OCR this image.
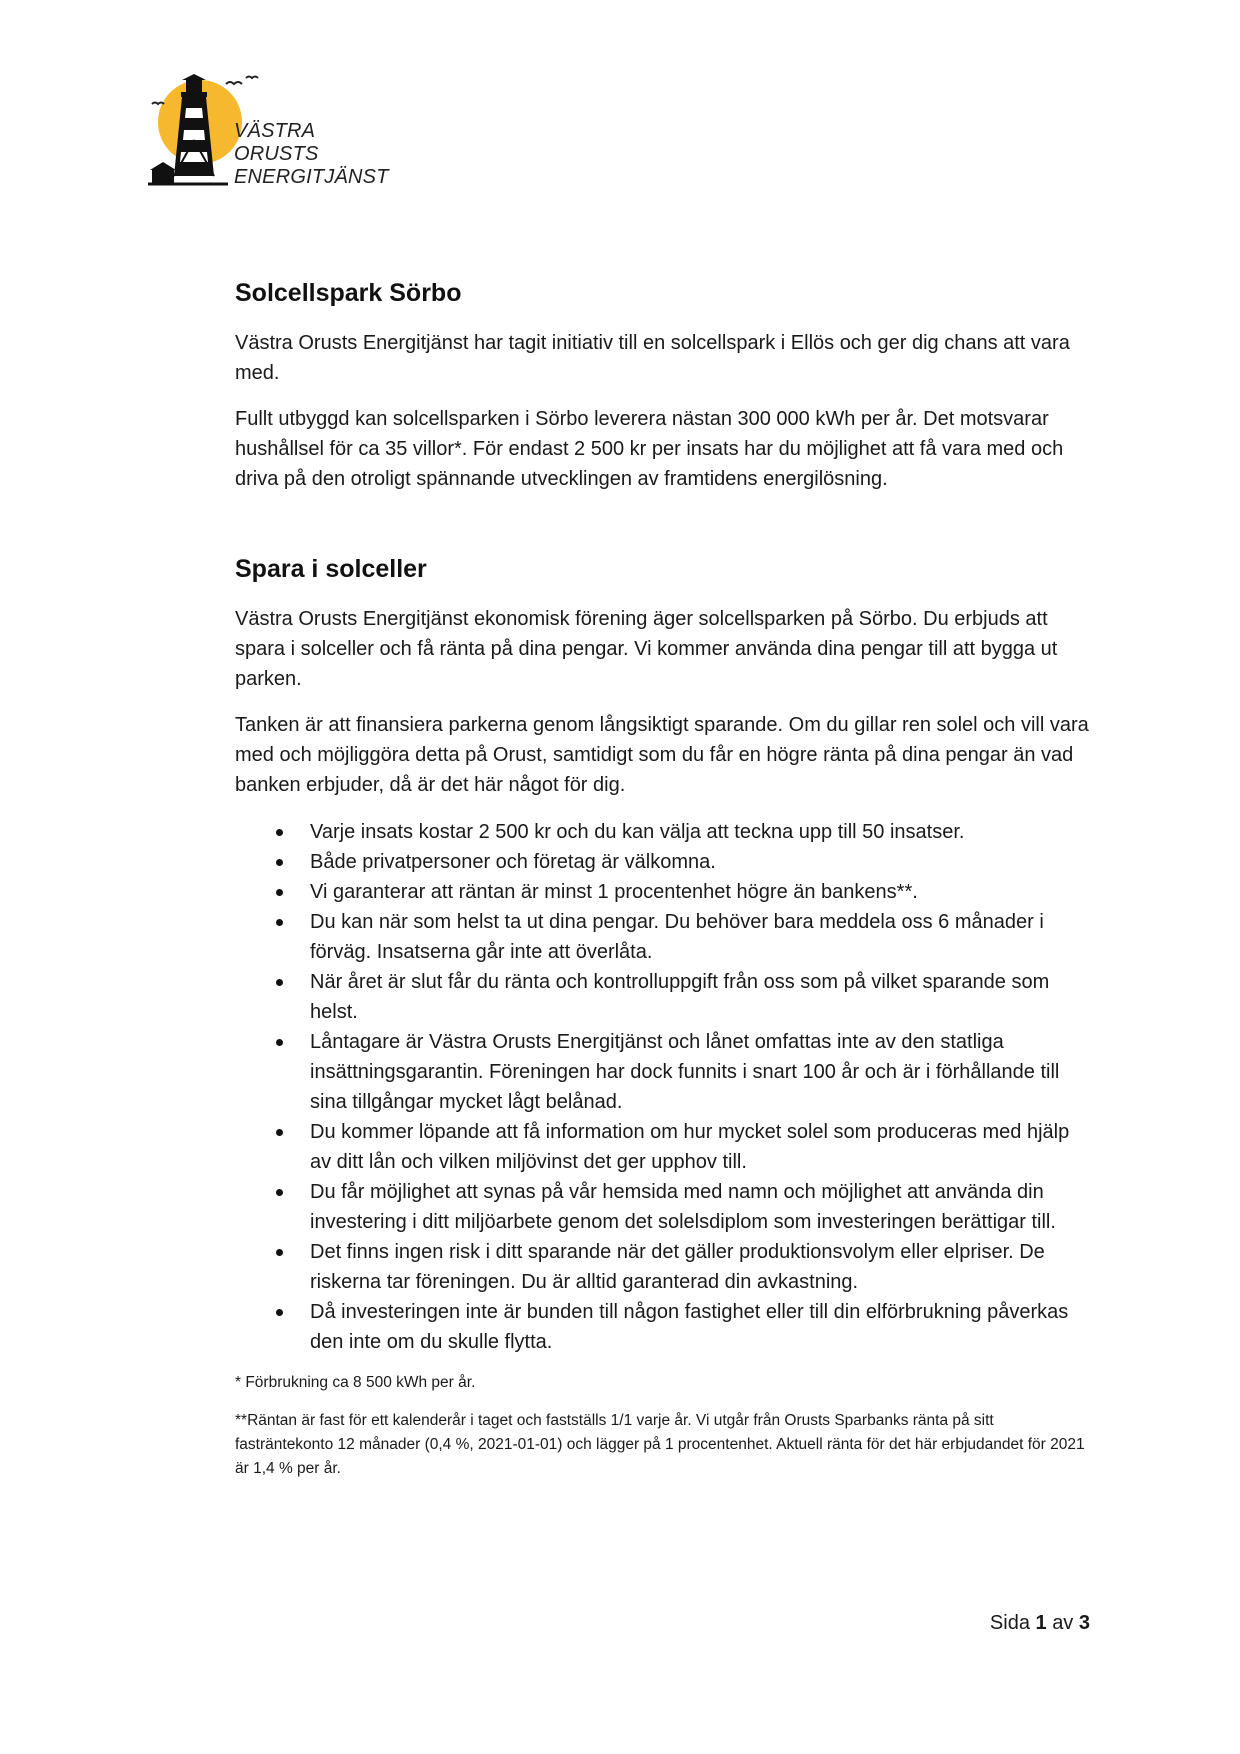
VÄSTRA ORUSTS
ENERGITJÄNST
Solcellspark Sörbo

Västra Orusts Energitjänst har tagit initiativ till en solcellspark i Ellös och ger dig chans att vara med.

Fullt utbyggd kan solcellsparken i Sörbo leverera nästan 300 000 kWh per år. Det motsvarar hushållsel för ca 35 villor*. För endast 2 500 kr per insats har du möjlighet att få vara med och driva på den otroligt spännande utvecklingen av framtidens energilösning.

Spara i solceller

Västra Orusts Energitjänst ekonomisk förening äger solcellsparken på Sörbo. Du erbjuds att spara i solceller och få ränta på dina pengar. Vi kommer använda dina pengar till att bygga ut parken.

Tanken är att finansiera parkerna genom långsiktigt sparande. Om du gillar ren solel och vill vara med och möjliggöra detta på Orust, samtidigt som du får en högre ränta på dina pengar än vad banken erbjuder, då är det här något för dig.

Varje insats kostar 2 500 kr och du kan välja att teckna upp till 50 insatser.
Både privatpersoner och företag är välkomna.
Vi garanterar att räntan är minst 1 procentenhet högre än bankens**.
Du kan när som helst ta ut dina pengar. Du behöver bara meddela oss 6 månader i förväg. Insatserna går inte att överlåta.
När året är slut får du ränta och kontrolluppgift från oss som på vilket sparande som helst.
Låntagare är Västra Orusts Energitjänst och lånet omfattas inte av den statliga insättningsgarantin. Föreningen har dock funnits i snart 100 år och är i förhållande till sina tillgångar mycket lågt belånad.
Du kommer löpande att få information om hur mycket solel som produceras med hjälp av ditt lån och vilken miljövinst det ger upphov till.
Du får möjlighet att synas på vår hemsida med namn och möjlighet att använda din investering i ditt miljöarbete genom det solelsdiplom som investeringen berättigar till.
Det finns ingen risk i ditt sparande när det gäller produktionsvolym eller elpriser. De riskerna tar föreningen. Du är alltid garanterad din avkastning.
Då investeringen inte är bunden till någon fastighet eller till din elförbrukning påverkas den inte om du skulle flytta.

* Förbrukning ca 8 500 kWh per år.

**Räntan är fast för ett kalenderår i taget och fastställs 1/1 varje år. Vi utgår från Orusts Sparbanks ränta på sitt fasträntekonto 12 månader (0,4 %, 2021-01-01) och lägger på 1 procentenhet. Aktuell ränta för det här erbjudandet för 2021 är 1,4 % per år.

Sida 1 av 3
